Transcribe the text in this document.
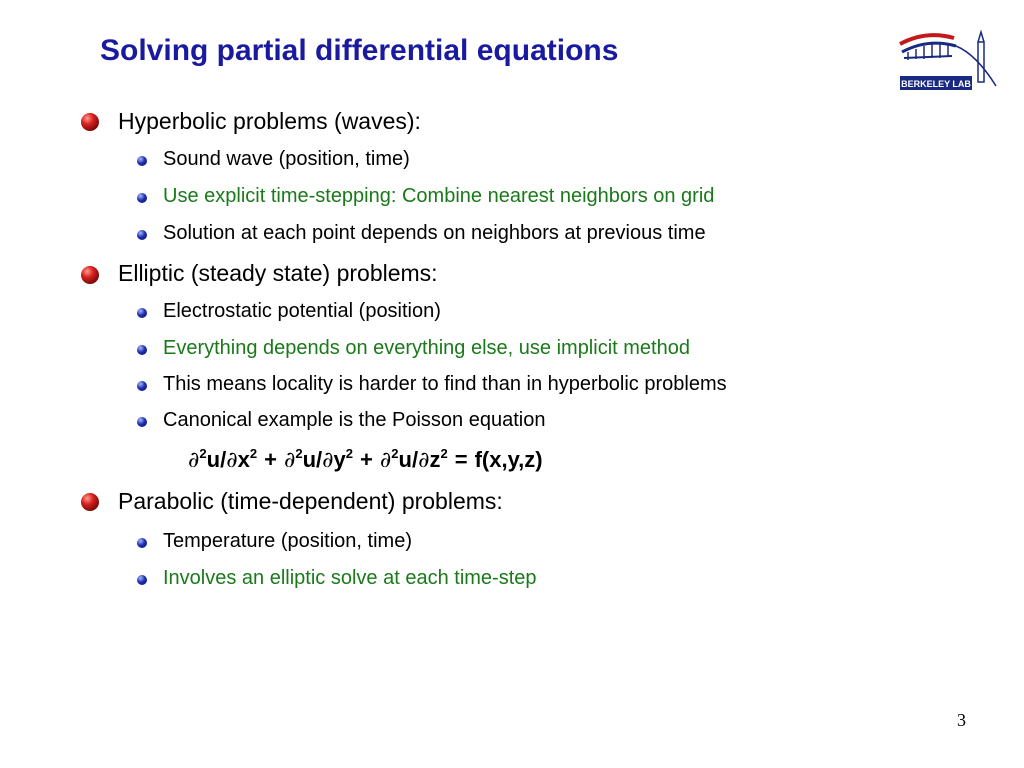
Solving partial differential equations
BERKELEY LAB
Hyperbolic problems (waves):
Sound wave (position, time)
Use explicit time-stepping: Combine nearest neighbors on grid
Solution at each point depends on neighbors at previous time
Elliptic (steady state) problems:
Electrostatic potential (position)
Everything depends on everything else, use implicit method
This means locality is harder to find than in hyperbolic problems
Canonical example is the Poisson equation
$\partial^2u/\partial x^2 + \partial^2u/\partial y^2 + \partial^2u/\partial z^2 = f(x,y,z)$
Parabolic (time-dependent) problems:
Temperature (position, time)
Involves an elliptic solve at each time-step
3
